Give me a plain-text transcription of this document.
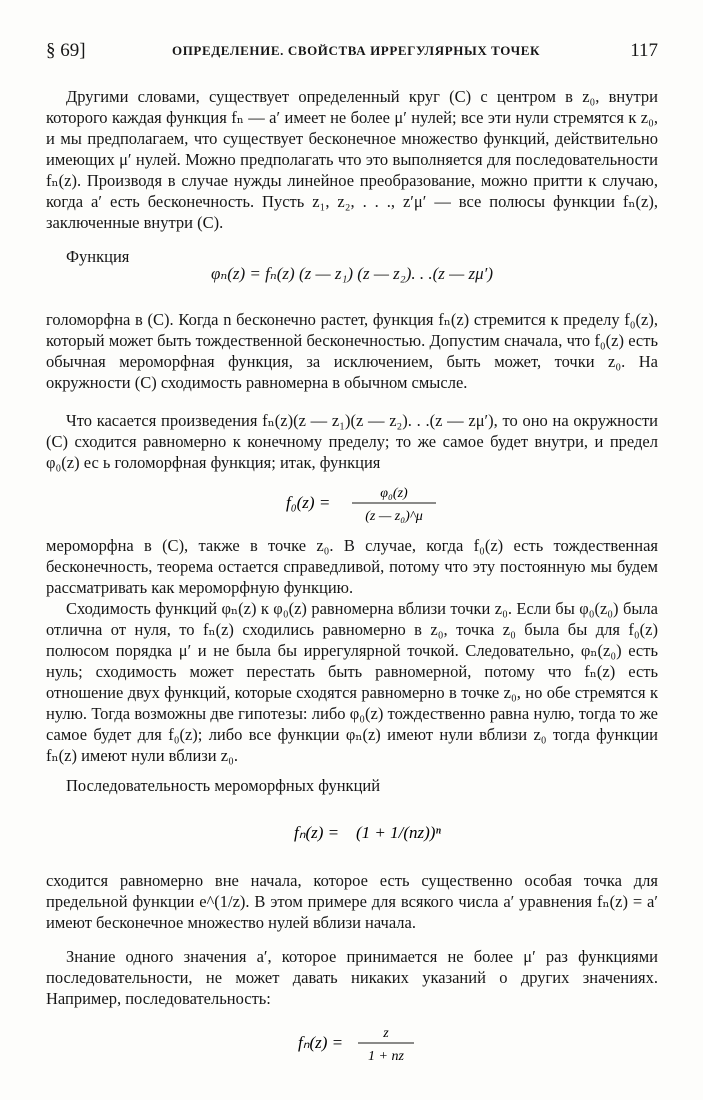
§ 69]	ОПРЕДЕЛЕНИЕ. СВОЙСТВА ИРРЕГУЛЯРНЫХ ТОЧЕК	117

Другими словами, существует определенный круг (C) с центром в z₀, внутри которого каждая функция fₙ — a′ имеет не более μ′ нулей; все эти нули стремятся к z₀, и мы предполагаем, что существует бесконечное множество функций, действительно имеющих μ′ нулей. Можно предполагать что это выполняется для последовательности fₙ(z). Производя в случае нужды линейное преобразование, можно притти к случаю, когда a′ есть бесконечность. Пусть z₁, z₂, . . ., z′μ′ — все полюсы функции fₙ(z), заключенные внутри (C).

Функция

φₙ(z) = fₙ(z) (z — z₁) (z — z₂). . .(z — zμ′)

голоморфна в (C). Когда n бесконечно растет, функция fₙ(z) стремится к пределу f₀(z), который может быть тождественной бесконечностью. Допустим сначала, что f₀(z) есть обычная мероморфная функция, за исключением, быть может, точки z₀. На окружности (C) сходимость равномерна в обычном смысле.

Что касается произведения fₙ(z)(z — z₁)(z — z₂). . .(z — zμ′), то оно на окружности (C) сходится равномерно к конечному пределу; то же самое будет внутри, и предел φ₀(z) ес ь голоморфная функция; итак, функция

f₀(z) =	φ₀(z)
(z — z₀)^μ

мероморфна в (C), также в точке z₀. В случае, когда f₀(z) есть тождественная бесконечность, теорема остается справедливой, потому что эту постоянную мы будем рассматривать как мероморфную функцию.

Сходимость функций φₙ(z) к φ₀(z) равномерна вблизи точки z₀. Если бы φ₀(z₀) была отлична от нуля, то fₙ(z) сходились равномерно в z₀, точка z₀ была бы для f₀(z) полюсом порядка μ′ и не была бы иррегулярной точкой. Следовательно, φₙ(z₀) есть нуль; сходимость может перестать быть равномерной, потому что fₙ(z) есть отношение двух функций, которые сходятся равномерно в точке z₀, но обе стремятся к нулю. Тогда возможны две гипотезы: либо φ₀(z) тождественно равна нулю, тогда то же самое будет для f₀(z); либо все функции φₙ(z) имеют нули вблизи z₀ тогда функции fₙ(z) имеют нули вблизи z₀.

Последовательность мероморфных функций

fₙ(z) = (1 + 1/(nz))ⁿ

сходится равномерно вне начала, которое есть существенно особая точка для предельной функции e^(1/z). В этом примере для всякого числа a′ уравнения fₙ(z) = a′ имеют бесконечное множество нулей вблизи начала.

Знание одного значения a′, которое принимается не более μ′ раз функциями последовательности, не может давать никаких указаний о других значениях. Например, последовательность:

fₙ(z) =	z
1 + nz
